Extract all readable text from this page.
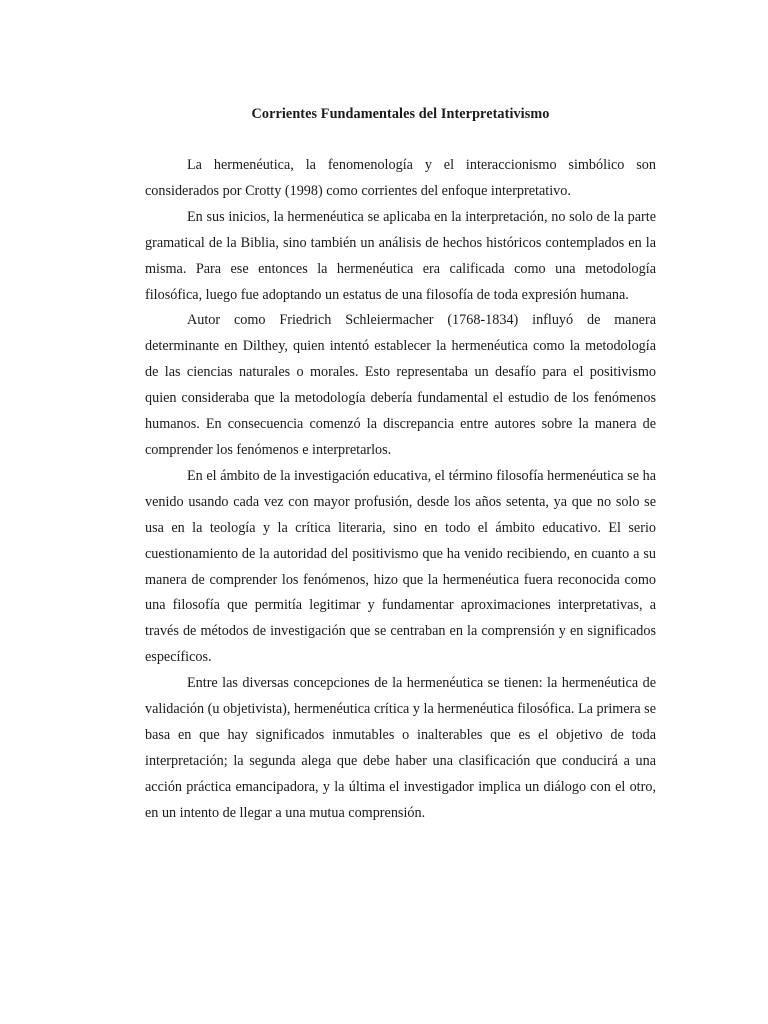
Corrientes Fundamentales del Interpretativismo

La hermenéutica, la fenomenología y el interaccionismo simbólico son considerados por Crotty (1998) como corrientes del enfoque interpretativo.

En sus inicios, la hermenéutica se aplicaba en la interpretación, no solo de la parte gramatical de la Biblia, sino también un análisis de hechos históricos contemplados en la misma. Para ese entonces la hermenéutica era calificada como una metodología filosófica, luego fue adoptando un estatus de una filosofía de toda expresión humana.

Autor como Friedrich Schleiermacher (1768-1834) influyó de manera determinante en Dilthey, quien intentó establecer la hermenéutica como la metodología de las ciencias naturales o morales. Esto representaba un desafío para el positivismo quien consideraba que la metodología debería fundamental el estudio de los fenómenos humanos. En consecuencia comenzó la discrepancia entre autores sobre la manera de comprender los fenómenos e interpretarlos.

En el ámbito de la investigación educativa, el término filosofía hermenéutica se ha venido usando cada vez con mayor profusión, desde los años setenta, ya que no solo se usa en la teología y la crítica literaria, sino en todo el ámbito educativo. El serio cuestionamiento de la autoridad del positivismo que ha venido recibiendo, en cuanto a su manera de comprender los fenómenos, hizo que la hermenéutica fuera reconocida como una filosofía que permitía legitimar y fundamentar aproximaciones interpretativas, a través de métodos de investigación que se centraban en la comprensión y en significados específicos.

Entre las diversas concepciones de la hermenéutica se tienen: la hermenéutica de validación (u objetivista), hermenéutica crítica y la hermenéutica filosófica. La primera se basa en que hay significados inmutables o inalterables que es el objetivo de toda interpretación; la segunda alega que debe haber una clasificación que conducirá a una acción práctica emancipadora, y la última el investigador implica un diálogo con el otro, en un intento de llegar a una mutua comprensión.
